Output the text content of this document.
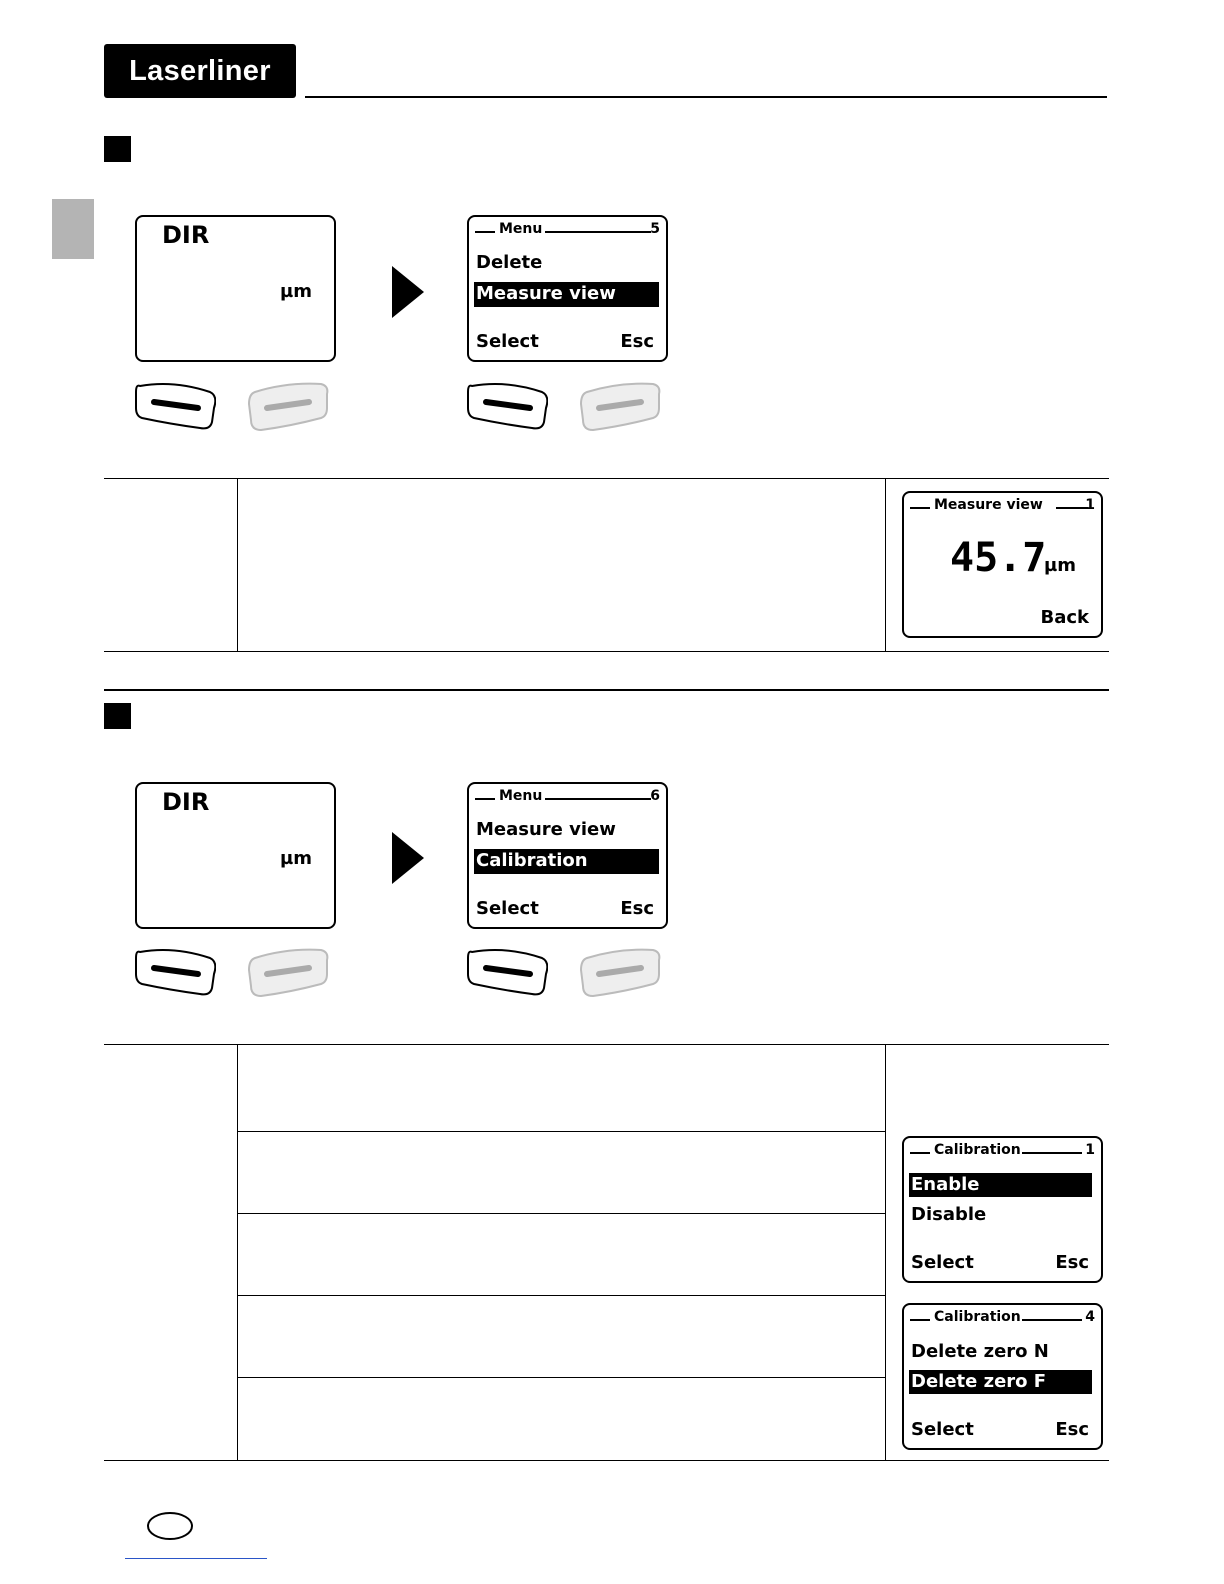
Laserliner
DIR
µm
Menu	5
Delete
Measure view
Select	Esc
Measure view	1
45.7
µm
Back
DIR
µm
Menu	6
Measure view
Calibration
Select	Esc
Calibration	1
Enable
Disable
Select	Esc
Calibration	4
Delete zero N
Delete zero F
Select	Esc
